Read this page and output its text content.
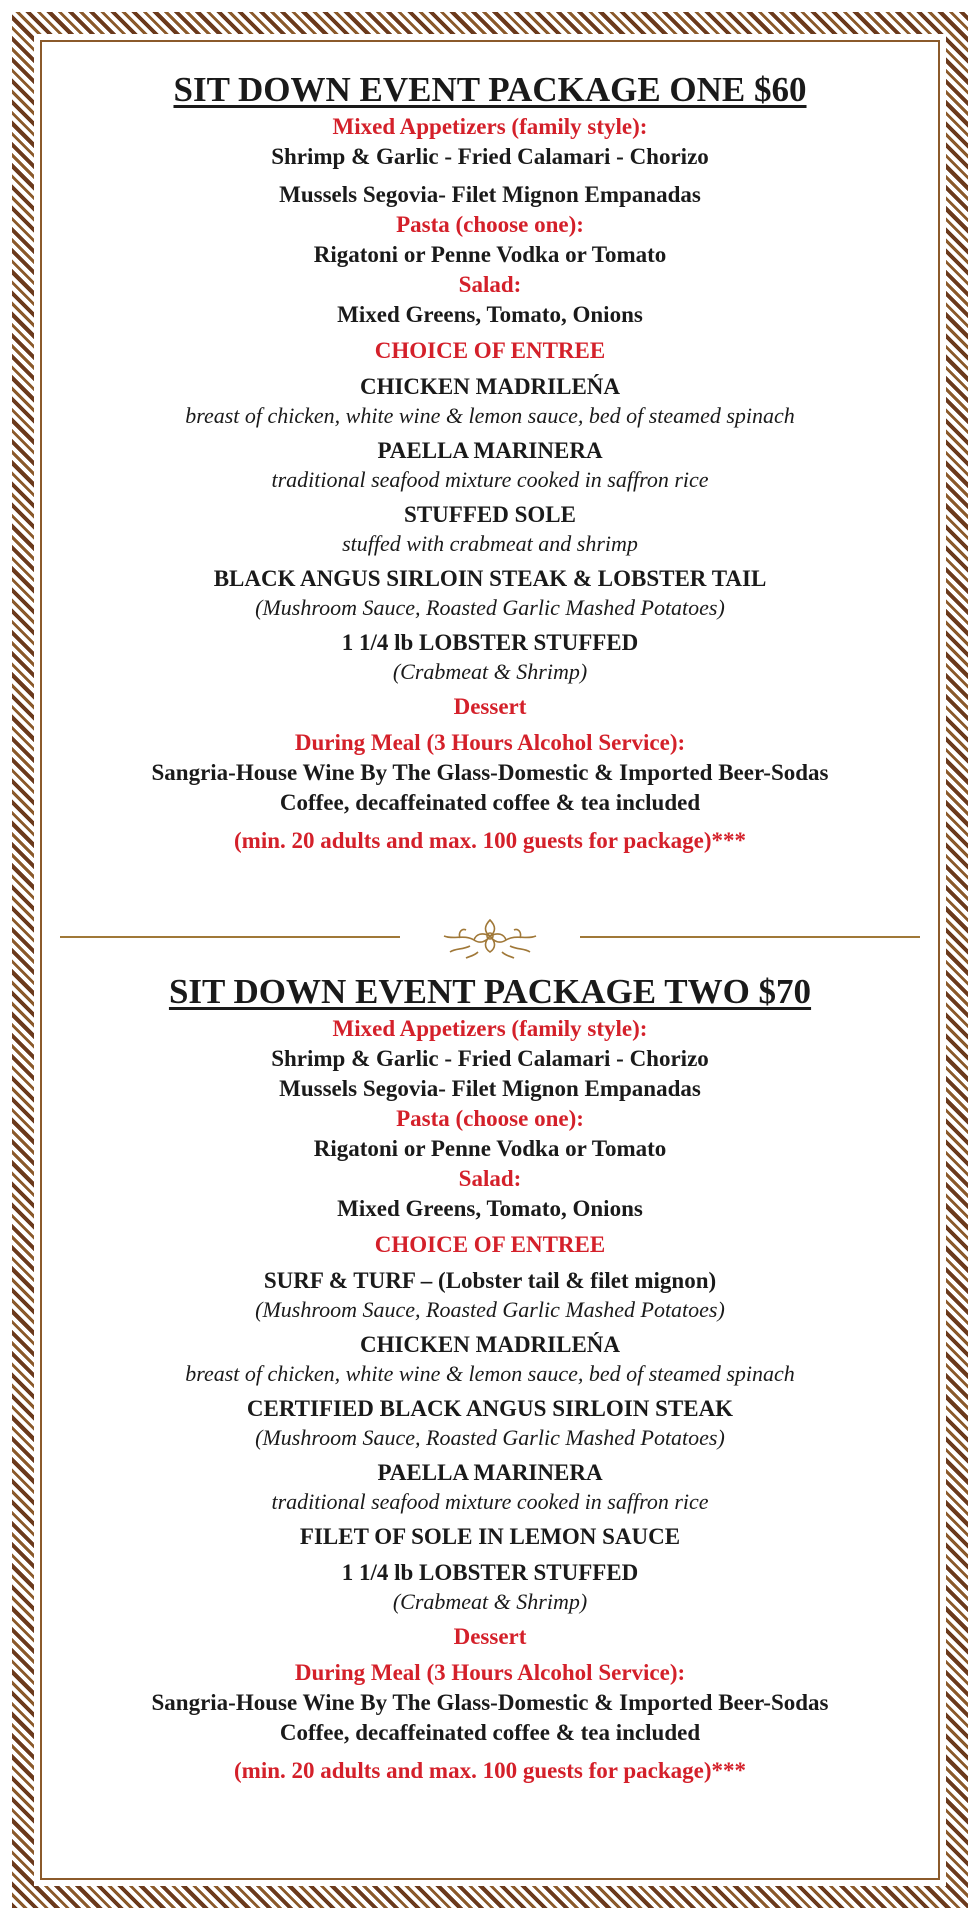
SIT DOWN EVENT PACKAGE ONE $60
Mixed Appetizers (family style):
Shrimp & Garlic - Fried Calamari - Chorizo
Mussels Segovia- Filet Mignon Empanadas
Pasta (choose one):
Rigatoni or Penne Vodka or Tomato
Salad:
Mixed Greens, Tomato, Onions
CHOICE OF ENTREE
CHICKEN MADRILEŃA
breast of chicken, white wine & lemon sauce, bed of steamed spinach
PAELLA MARINERA
traditional seafood mixture cooked in saffron rice
STUFFED SOLE
stuffed with crabmeat and shrimp
BLACK ANGUS SIRLOIN STEAK & LOBSTER TAIL
(Mushroom Sauce, Roasted Garlic Mashed Potatoes)
1 1/4 lb LOBSTER STUFFED
(Crabmeat & Shrimp)
Dessert
During Meal (3 Hours Alcohol Service):
Sangria-House Wine By The Glass-Domestic & Imported Beer-Sodas
Coffee, decaffeinated coffee & tea included
(min. 20 adults and max. 100 guests for package)***
SIT DOWN EVENT PACKAGE TWO $70
Mixed Appetizers (family style):
Shrimp & Garlic - Fried Calamari - Chorizo
Mussels Segovia- Filet Mignon Empanadas
Pasta (choose one):
Rigatoni or Penne Vodka or Tomato
Salad:
Mixed Greens, Tomato, Onions
CHOICE OF ENTREE
SURF & TURF – (Lobster tail & filet mignon)
(Mushroom Sauce, Roasted Garlic Mashed Potatoes)
CHICKEN MADRILEŃA
breast of chicken, white wine & lemon sauce, bed of steamed spinach
CERTIFIED BLACK ANGUS SIRLOIN STEAK
(Mushroom Sauce, Roasted Garlic Mashed Potatoes)
PAELLA MARINERA
traditional seafood mixture cooked in saffron rice
FILET OF SOLE IN LEMON SAUCE
1 1/4 lb LOBSTER STUFFED
(Crabmeat & Shrimp)
Dessert
During Meal (3 Hours Alcohol Service):
Sangria-House Wine By The Glass-Domestic & Imported Beer-Sodas
Coffee, decaffeinated coffee & tea included
(min. 20 adults and max. 100 guests for package)***
